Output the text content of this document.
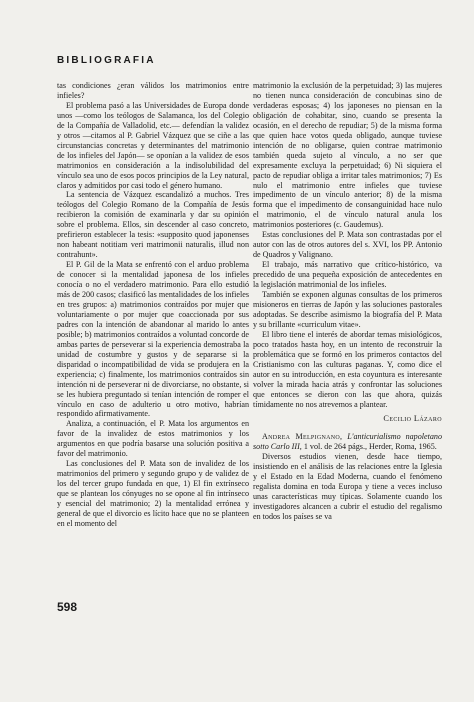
BIBLIOGRAFIA

tas condiciones ¿eran válidos los matrimonios entre infieles?

El problema pasó a las Universidades de Europa donde unos —como los teólogos de Salamanca, los del Colegio de la Compañía de Valladolid, etc.— defendían la validez y otros —citamos al P. Gabriel Vázquez que se ciñe a las circunstancias concretas y determinantes del matrimonio de los infieles del Japón— se oponían a la validez de esos matrimonios en consideración a la indisolubilidad del vínculo sea uno de esos pocos principios de la Ley natural, claros y admitidos por casi todo el género humano.

La sentencia de Vázquez escandalizó a muchos. Tres teólogos del Colegio Romano de la Compañía de Jesús recibieron la comisión de examinarla y dar su opinión sobre el problema. Ellos, sin descender al caso concreto, prefirieron establecer la tesis: «supposito quod japonenses non habeant notitiam veri matrimonii naturalis, illud non contrahunt».

El P. Gil de la Mata se enfrentó con el arduo problema de conocer si la mentalidad japonesa de los infieles conocía o no el verdadero matrimonio. Para ello estudió más de 200 casos; clasificó las mentalidades de los infieles en tres grupos: a) matrimonios contraídos por mujer que voluntariamente o por mujer que coaccionada por sus padres con la intención de abandonar al marido lo antes posible; b) matrimonios contraídos a voluntad concorde de ambas partes de perseverar si la experiencia demostraba la unidad de costumbre y gustos y de separarse si la disparidad o incompatibilidad de vida se produjera en la experiencia; c) finalmente, los matrimonios contraídos sin intención ni de perseverar ni de divorciarse, no obstante, si se les hubiera preguntado si tenían intención de romper el vínculo en caso de adulterio u otro motivo, habrían respondido afirmativamente.

Analiza, a continuación, el P. Mata los argumentos en favor de la invalidez de estos matrimonios y los argumentos en que podría basarse una solución positiva a favor del matrimonio.

Las conclusiones del P. Mata son de invalidez de los matrimonios del primero y segundo grupo y de validez de los del tercer grupo fundada en que, 1) El fin extrínseco que se plantean los cónyuges no se opone al fin intrínseco y esencial del matrimonio; 2) la mentalidad errónea y general de que el divorcio es lícito hace que no se planteen en el momento del

matrimonio la exclusión de la perpetuidad; 3) las mujeres no tienen nunca consideración de concubinas sino de verdaderas esposas; 4) los japoneses no piensan en la obligación de cohabitar, sino, cuando se presenta la ocasión, en el derecho de repudiar; 5) de la misma forma que quien hace votos queda obligado, aunque tuviese intención de no obligarse, quien contrae matrimonio también queda sujeto al vínculo, a no ser que expresamente excluya la perpetuidad; 6) Ni siquiera el pacto de repudiar obliga a irritar tales matrimonios; 7) Es nulo el matrimonio entre infieles que tuviese impedimento de un vínculo anterior; 8) de la misma forma que el impedimento de consanguinidad hace nulo el matrimonio, el de vínculo natural anula los matrimonios posteriores (c. Gaudemus).

Estas conclusiones del P. Mata son contrastadas por el autor con las de otros autores del s. XVI, los PP. Antonio de Quadros y Valignano.

El trabajo, más narrativo que crítico-histórico, va precedido de una pequeña exposición de antecedentes en la legislación matrimonial de los infieles.

También se exponen algunas consultas de los primeros misioneros en tierras de Japón y las soluciones pastorales adoptadas. Se describe asimismo la biografía del P. Mata y su brillante «curriculum vitae».

El libro tiene el interés de abordar temas misiológicos, poco tratados hasta hoy, en un intento de reconstruir la problemática que se formó en los primeros contactos del Cristianismo con las culturas paganas. Y, como dice el autor en su introducción, en esta coyuntura es interesante volver la mirada hacia atrás y confrontar las soluciones que entonces se dieron con las que ahora, quizás tímidamente no nos atrevemos a plantear.

Cecilio Lázaro

Andrea Melpignano, L'anticurialismo napoletano sotto Carlo III, 1 vol. de 264 págs., Herder, Roma, 1965.

Diversos estudios vienen, desde hace tiempo, insistiendo en el análisis de las relaciones entre la Iglesia y el Estado en la Edad Moderna, cuando el fenómeno regalista domina en toda Europa y tiene a veces incluso unas características muy típicas. Solamente cuando los investigadores alcancen a cubrir el estudio del regalismo en todos los países se va

598
